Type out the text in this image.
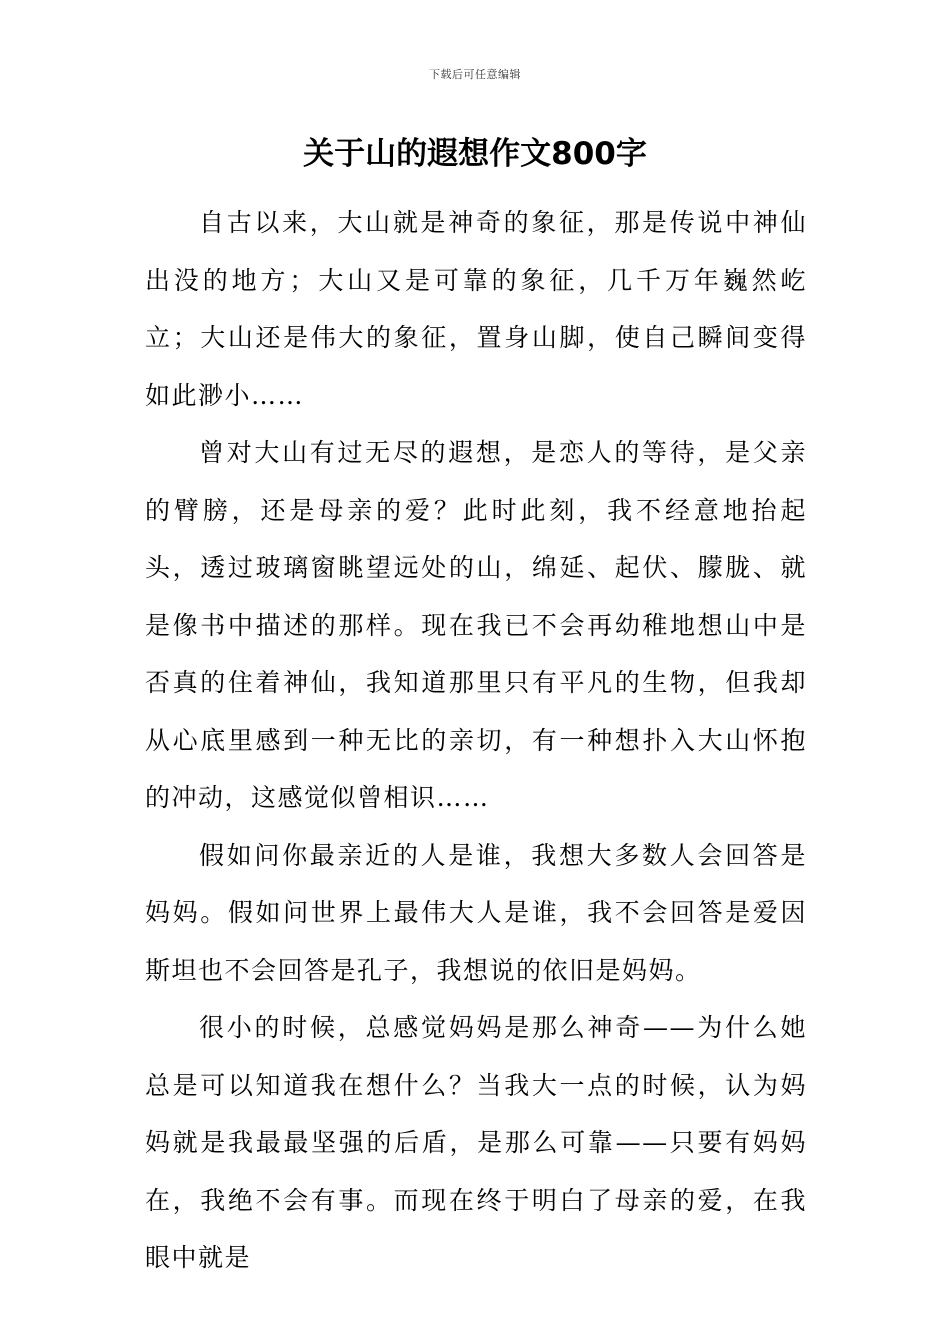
下载后可任意编辑
关于山的遐想作文800字

自古以来，大山就是神奇的象征，那是传说中神仙出没的地方；大山又是可靠的象征，几千万年巍然屹立；大山还是伟大的象征，置身山脚，使自己瞬间变得如此渺小……

曾对大山有过无尽的遐想，是恋人的等待，是父亲的臂膀，还是母亲的爱？此时此刻，我不经意地抬起头，透过玻璃窗眺望远处的山，绵延、起伏、朦胧、就是像书中描述的那样。现在我已不会再幼稚地想山中是否真的住着神仙，我知道那里只有平凡的生物，但我却从心底里感到一种无比的亲切，有一种想扑入大山怀抱的冲动，这感觉似曾相识……

假如问你最亲近的人是谁，我想大多数人会回答是妈妈。假如问世界上最伟大人是谁，我不会回答是爱因斯坦也不会回答是孔子，我想说的依旧是妈妈。

很小的时候，总感觉妈妈是那么神奇——为什么她总是可以知道我在想什么？当我大一点的时候，认为妈妈就是我最最坚强的后盾，是那么可靠——只要有妈妈在，我绝不会有事。而现在终于明白了母亲的爱，在我眼中就是
